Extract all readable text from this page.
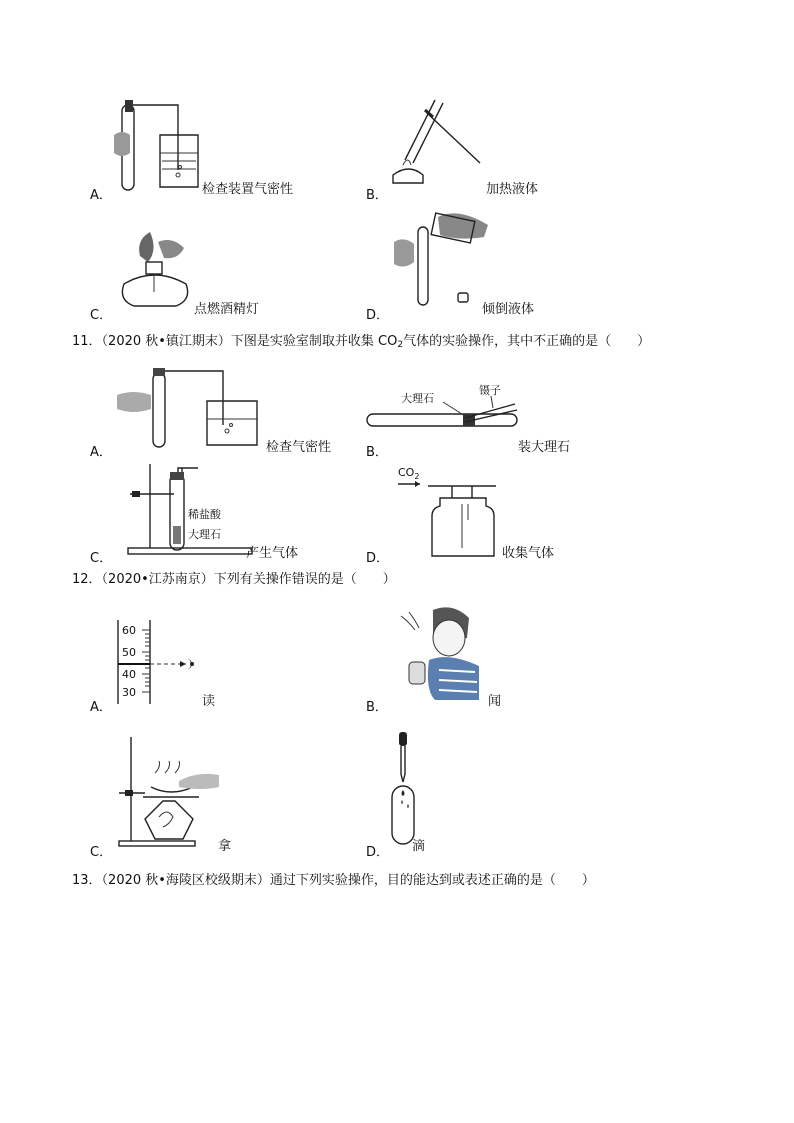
A．	检查装置气密性	B．	加热液体
C．	点燃酒精灯	D．	倾倒液体
11．（2020 秋•镇江期末）下图是实验室制取并收集 $CO_2$气体的实验操作，其中不正确的是（　　）
A．	检查气密性
大理石
镊子
B．	装大理石
稀盐酸
大理石
C．	产生气体
$CO_2$
D．	收集气体
12．（2020•江苏南京）下列有关操作错误的是（　　）
60
50
40
30
A．	读	B．	闻
C．	拿	D． 滴
13．（2020 秋•海陵区校级期末）通过下列实验操作，目的能达到或表述正确的是（　　）
